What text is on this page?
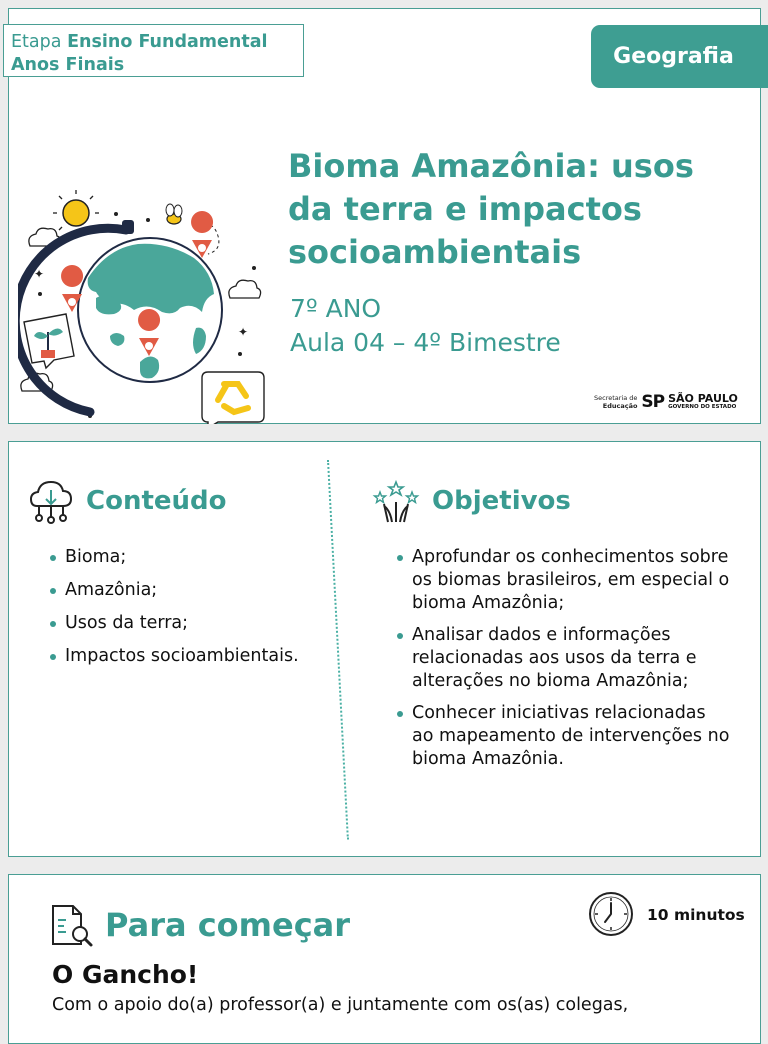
Etapa Ensino Fundamental Anos Finais	Geografia
✦
✦
✳
Bioma Amazônia: usos da terra e impactos socioambientais
7º ANO
Aula 04 – 4º Bimestre
Secretaria de
Educação SP SÃO PAULO
GOVERNO DO ESTADO
Conteúdo
Bioma;
Amazônia;
Usos da terra;
Impactos socioambientais.
Objetivos
Aprofundar os conhecimentos sobre os biomas brasileiros, em especial o bioma Amazônia;
Analisar dados e informações relacionadas aos usos da terra e alterações no bioma Amazônia;
Conhecer iniciativas relacionadas ao mapeamento de intervenções no bioma Amazônia.
10 minutos
Para começar
O Gancho!
Com o apoio do(a) professor(a) e juntamente com os(as) colegas,
